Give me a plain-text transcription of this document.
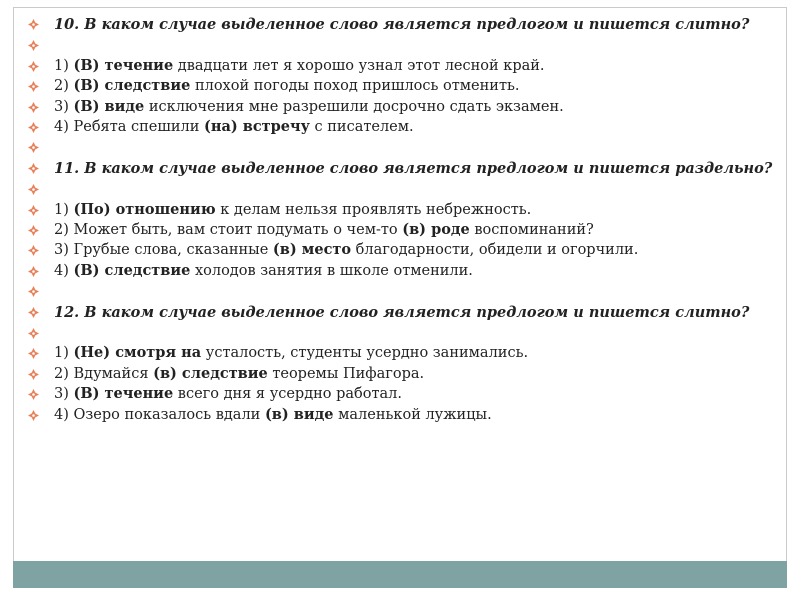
10. В каком случае выделенное слово является предлогом и пишется слитно?
1) (В) течение двадцати лет я хорошо узнал этот лесной край.
2) (В) следствие плохой погоды поход пришлось отменить.
3) (В) виде исключения мне разрешили досрочно сдать экзамен.
4) Ребята спешили (на) встречу с писателем.
11. В каком случае выделенное слово является предлогом и пишется раздельно?
1) (По) отношению к делам нельзя проявлять небрежность.
2) Может быть, вам стоит подумать о чем-то (в) роде воспоминаний?
3) Грубые слова, сказанные (в) место благодарности, обидели и огорчили.
4) (В) следствие холодов занятия в школе отменили.
12. В каком случае выделенное слово является предлогом и пишется слитно?
1) (Не) смотря на усталость, студенты усердно занимались.
2) Вдумайся (в) следствие теоремы Пифагора.
3) (В) течение всего дня я усердно работал.
4) Озеро показалось вдали (в) виде маленькой лужицы.
